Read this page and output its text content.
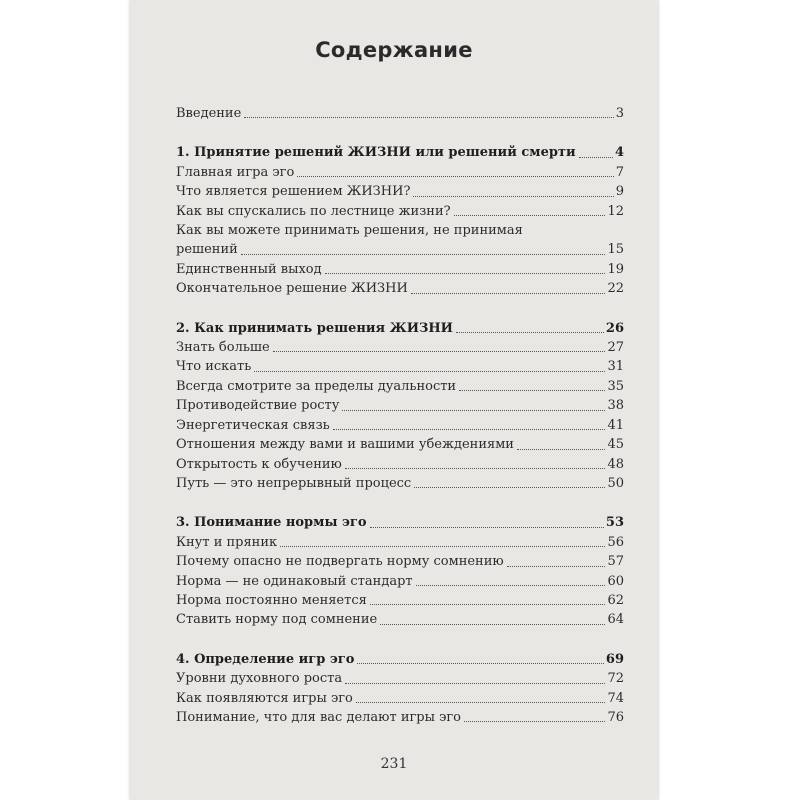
Содержание
Введение	3
1. Принятие решений ЖИЗНИ или решений смерти	4
Главная игра эго	7
Что является решением ЖИЗНИ?	9
Как вы спускались по лестнице жизни?	12
Как вы можете принимать решения, не принимая
решений	15
Единственный выход	19
Окончательное решение ЖИЗНИ	22
2. Как принимать решения ЖИЗНИ	26
Знать больше	27
Что искать	31
Всегда смотрите за пределы дуальности	35
Противодействие росту	38
Энергетическая связь	41
Отношения между вами и вашими убеждениями	45
Открытость к обучению	48
Путь — это непрерывный процесс	50
3. Понимание нормы эго	53
Кнут и пряник	56
Почему опасно не подвергать норму сомнению	57
Норма — не одинаковый стандарт	60
Норма постоянно меняется	62
Ставить норму под сомнение	64
4. Определение игр эго	69
Уровни духовного роста	72
Как появляются игры эго	74
Понимание, что для вас делают игры эго	76
231
